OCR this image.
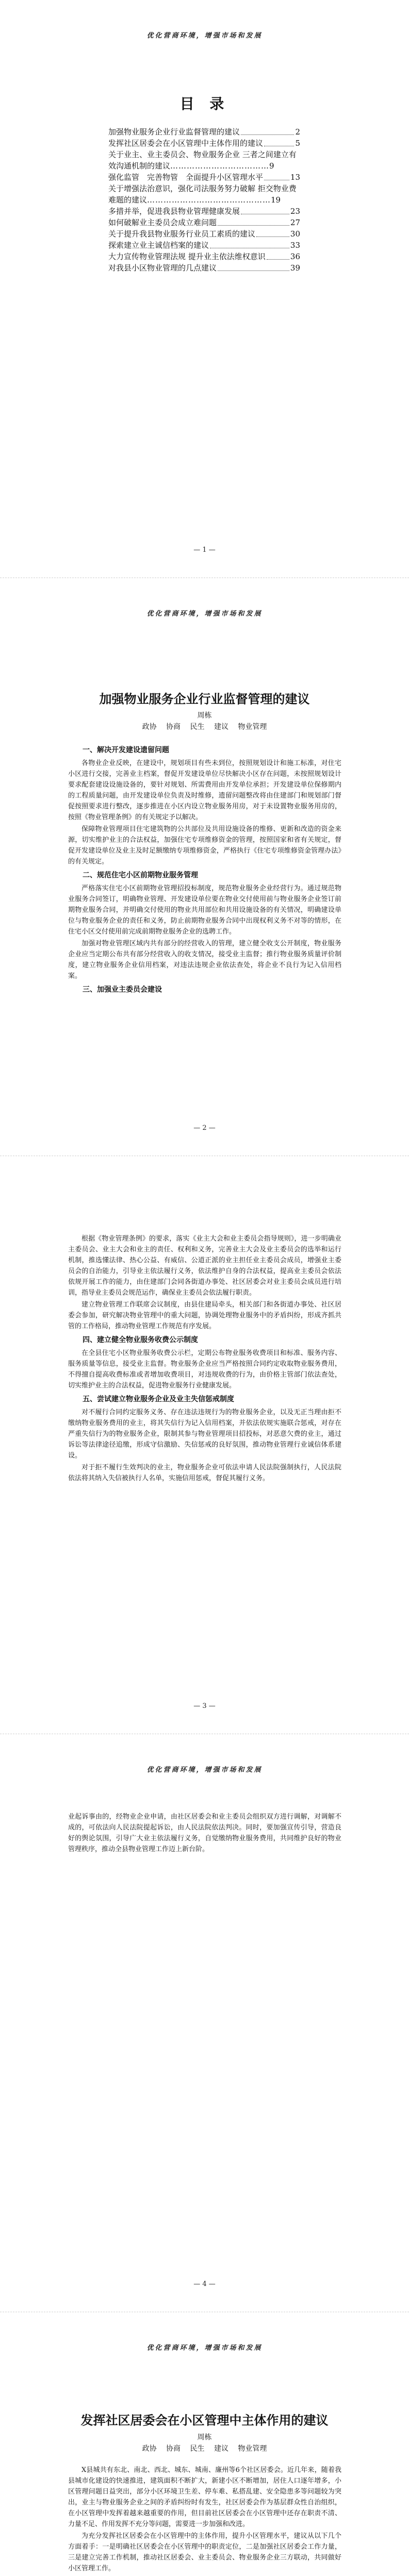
优化营商环境，增强市场和发展
目 录
加强物业服务企业行业监督管理的建议	2
发挥社区居委会在小区管理中主体作用的建议	5
关于业主、业主委员会、物业服务企业 三者之间建立有效沟通机制的建议………………………………9
强化监管　完善物管　全面提升小区管理水平	13
关于增强法治意识，强化司法服务努力破解 拒交物业费难题的建议………………………………………19
多措并举，促进我县物业管理健康发展	23
如何破解业主委员会成立难问题	27
关于提升我县物业服务行业员工素质的建议	30
探索建立业主诚信档案的建议	33
大力宣传物业管理法规 提升业主依法维权意识	36
对我县小区物业管理的几点建议	39
— 1 —
优化营商环境，增强市场和发展
加强物业服务企业行业监督管理的建议
周栋
政协 协商 民生 建议 物业管理
一、解决开发建设遗留问题

各物业企业反映，在建设中，规划项目有些未到位，按照规划设计和施工标准，对住宅小区进行交接，完善业主档案，督促开发建设单位尽快解决小区存在问题，未按照规划设计要求配套建设设施设备的，要针对规划、所需费用由开发单位承担；开发建设单位保修期内的工程质量问题，由开发建设单位负责及时维修，遗留问题整改将由住建部门和规划部门督促按照要求进行整改，逐步推进在小区内设立物业服务用房，对于未设置物业服务用房的，按照《物业管理条例》的有关规定予以解决。

保障物业管理项目住宅建筑物的公共部位及共用设施设备的维修、更新和改造的资金来源，切实维护业主的合法权益，加强住宅专项维修资金的管理，按照国家和省有关规定，督促开发建设单位及业主及时足额缴纳专项维修资金，严格执行《住宅专项维修资金管理办法》的有关规定。

二、规范住宅小区前期物业服务管理

严格落实住宅小区前期物业管理招投标制度，规范物业服务企业经营行为。通过规范物业服务合同签订，明确物业管理、开发建设单位要在物业交付使用前与物业服务企业签订前期物业服务合同，并明确交付使用的物业共用部位和共用设施设备的有关情况，明确建设单位与物业服务企业的责任和义务，防止前期物业服务合同中出现权利义务不对等的情形，在住宅小区交付使用前完成前期物业服务企业的选聘工作。

加强对物业管理区域内共有部分的经营收入的管理，建立健全收支公开制度，物业服务企业应当定期公布共有部分经营收入的收支情况，接受业主监督；推行物业服务质量评价制度，建立物业服务企业信用档案，对违法违规企业依法查处，将企业不良行为记入信用档案。

三、加强业主委员会建设
— 2 —

根据《物业管理条例》的要求，落实《业主大会和业主委员会指导规则》，进一步明确业主委员会、业主大会和业主的责任、权利和义务，完善业主大会及业主委员会的选举和运行机制，推选懂法律、热心公益、有威信、公道正派的业主担任业主委员会成员，增强业主委员会的自治能力，引导业主依法履行义务，依法维护自身的合法权益，提高业主委员会依法依规开展工作的能力，由住建部门会同各街道办事处、社区居委会对业主委员会成员进行培训，指导业主委员会规范运作，确保业主委员会依法履行职责。

建立物业管理工作联席会议制度，由县住建局牵头，相关部门和各街道办事处、社区居委会参加，研究解决物业管理中的重大问题，协调处理物业服务中的矛盾纠纷，形成齐抓共管的工作格局，推动物业管理工作规范有序发展。

四、建立健全物业服务收费公示制度

在全县住宅小区物业服务收费公示栏，定期公布物业服务收费项目和标准、服务内容、服务质量等信息，接受业主监督。物业服务企业应当严格按照合同约定收取物业服务费用，不得擅自提高收费标准或者增加收费项目，对违规收费的行为，由价格主管部门依法查处，切实维护业主的合法权益，促进物业服务行业健康发展。

五、尝试建立物业服务企业及业主失信惩戒制度

对不履行合同约定服务义务、存在违法违规行为的物业服务企业，以及无正当理由拒不缴纳物业服务费用的业主，将其失信行为记入信用档案，并依法依规实施联合惩戒，对存在严重失信行为的物业服务企业，限制其参与物业管理项目招投标，对恶意欠费的业主，通过诉讼等法律途径追缴，形成守信激励、失信惩戒的良好氛围，推动物业管理行业诚信体系建设。

对于拒不履行生效判决的业主，物业服务企业可依法申请人民法院强制执行，人民法院依法将其纳入失信被执行人名单，实施信用惩戒，督促其履行义务。

— 3 —
优化营商环境，增强市场和发展

业起诉事由的，经物业企业申请，由社区居委会和业主委员会组织双方进行调解，对调解不成的，可依法向人民法院提起诉讼，由人民法院依法判决。同时，要加强宣传引导，营造良好的舆论氛围，引导广大业主依法履行义务，自觉缴纳物业服务费用，共同维护良好的物业管理秩序，推动全县物业管理工作迈上新台阶。

— 4 —
优化营商环境，增强市场和发展
发挥社区居委会在小区管理中主体作用的建议
周栋
政协 协商 民生 建议 物业管理

X县城共有东北、南北、西北、城东、城南、廉州等6个社区居委会。近几年来，随着我县城市化建设的快速推进，建筑面积不断扩大，新建小区不断增加，居住人口逐年增多，小区管理问题日益突出，部分小区环境卫生差、停车难、私搭乱建、安全隐患多等问题较为突出，业主与物业服务企业之间的矛盾纠纷时有发生，社区居委会作为基层群众性自治组织，在小区管理中发挥着越来越重要的作用，但目前社区居委会在小区管理中还存在职责不清、力量不足、作用发挥不充分等问题，需要进一步加强和改进。

为充分发挥社区居委会在小区管理中的主体作用，提升小区管理水平，建议从以下几个方面着手：一是明确社区居委会在小区管理中的职责定位，二是加强社区居委会工作力量，三是建立完善工作机制，推动社区居委会、业主委员会、物业服务企业三方联动，共同做好小区管理工作。
